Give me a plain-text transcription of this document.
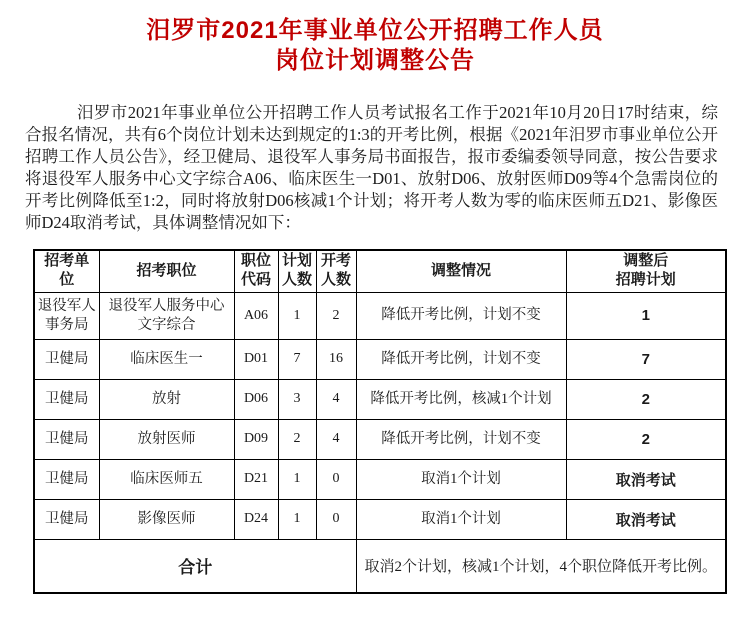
汨罗市2021年事业单位公开招聘工作人员
岗位计划调整公告

汨罗市2021年事业单位公开招聘工作人员考试报名工作于2021年10月20日17时结束，综合报名情况，共有6个岗位计划未达到规定的1:3的开考比例，根据《2021年汨罗市事业单位公开招聘工作人员公告》，经卫健局、退役军人事务局书面报告，报市委编委领导同意，按公告要求将退役军人服务中心文字综合A06、临床医生一D01、放射D06、放射医师D09等4个急需岗位的开考比例降低至1:2，同时将放射D06核减1个计划；将开考人数为零的临床医师五D21、影像医师D24取消考试，具体调整情况如下：

招考单位	招考职位	职位代码	计划人数	开考人数	调整情况	调整后
招聘计划

退役军人事务局	退役军人服务中心文字综合	A06	1	2	降低开考比例，计划不变	1
卫健局	临床医生一	D01	7	16	降低开考比例，计划不变	7
卫健局	放射	D06	3	4	降低开考比例，核减1个计划	2
卫健局	放射医师	D09	2	4	降低开考比例，计划不变	2
卫健局	临床医师五	D21	1	0	取消1个计划	取消考试
卫健局	影像医师	D24	1	0	取消1个计划	取消考试
合计					取消2个计划，核减1个计划，4个职位降低开考比例。	
